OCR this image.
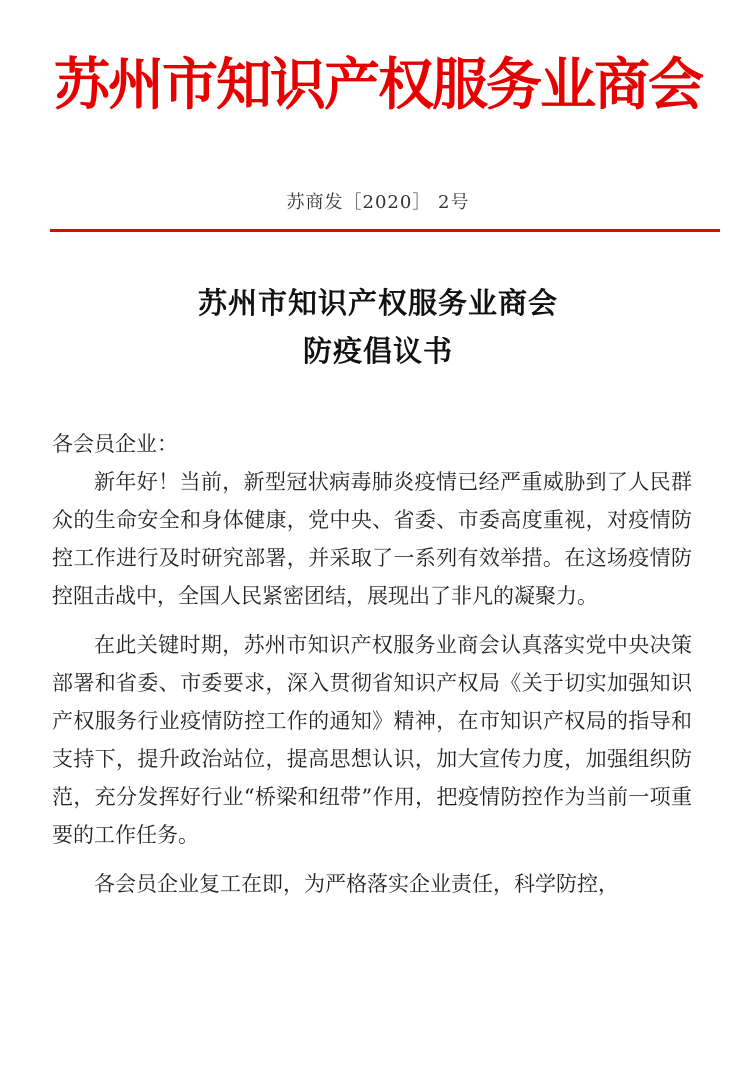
苏州市知识产权服务业商会
苏商发［2020］ 2号
苏州市知识产权服务业商会
防疫倡议书

各会员企业：

新年好！当前，新型冠状病毒肺炎疫情已经严重威胁到了人民群众的生命安全和身体健康，党中央、省委、市委高度重视，对疫情防控工作进行及时研究部署，并采取了一系列有效举措。在这场疫情防控阻击战中，全国人民紧密团结，展现出了非凡的凝聚力。

在此关键时期，苏州市知识产权服务业商会认真落实党中央决策部署和省委、市委要求，深入贯彻省知识产权局《关于切实加强知识产权服务行业疫情防控工作的通知》精神，在市知识产权局的指导和支持下，提升政治站位，提高思想认识，加大宣传力度，加强组织防范，充分发挥好行业“桥梁和纽带”作用，把疫情防控作为当前一项重要的工作任务。

各会员企业复工在即，为严格落实企业责任，科学防控，
